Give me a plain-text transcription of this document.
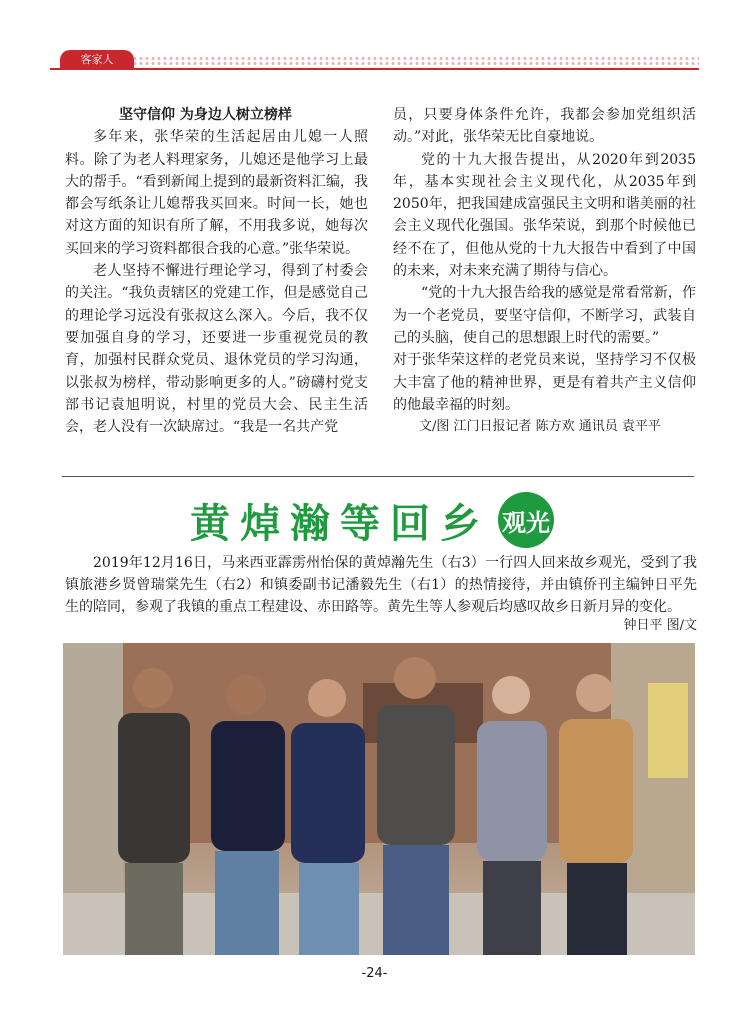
客家人

坚守信仰 为身边人树立榜样

多年来，张华荣的生活起居由儿媳一人照料。除了为老人料理家务，儿媳还是他学习上最大的帮手。“看到新闻上提到的最新资料汇编，我都会写纸条让儿媳帮我买回来。时间一长，她也对这方面的知识有所了解，不用我多说，她每次买回来的学习资料都很合我的心意。”张华荣说。

老人坚持不懈进行理论学习，得到了村委会的关注。“我负责辖区的党建工作，但是感觉自己的理论学习远没有张叔这么深入。今后，我不仅要加强自身的学习，还要进一步重视党员的教育，加强村民群众党员、退休党员的学习沟通，以张叔为榜样，带动影响更多的人。”磅礴村党支部书记袁旭明说，村里的党员大会、民主生活会，老人没有一次缺席过。“我是一名共产党

员，只要身体条件允许，我都会参加党组织活动。”对此，张华荣无比自豪地说。

党的十九大报告提出，从2020年到2035年，基本实现社会主义现代化，从2035年到2050年，把我国建成富强民主文明和谐美丽的社会主义现代化强国。张华荣说，到那个时候他已经不在了，但他从党的十九大报告中看到了中国的未来，对未来充满了期待与信心。

“党的十九大报告给我的感觉是常看常新，作为一个老党员，要坚守信仰，不断学习，武装自己的头脑，使自己的思想跟上时代的需要。”

对于张华荣这样的老党员来说，坚持学习不仅极大丰富了他的精神世界，更是有着共产主义信仰的他最幸福的时刻。

文/图 江门日报记者 陈方欢 通讯员 袁平平

黄焯瀚等回乡 观光

2019年12月16日，马来西亚霹雳州怡保的黄焯瀚先生（右3）一行四人回来故乡观光，受到了我镇旅港乡贤曾瑞棠先生（右2）和镇委副书记潘毅先生（右1）的热情接待，并由镇侨刊主编钟日平先生的陪同，参观了我镇的重点工程建设、赤田路等。黄先生等人参观后均感叹故乡日新月异的变化。

钟日平 图/文
-24-
